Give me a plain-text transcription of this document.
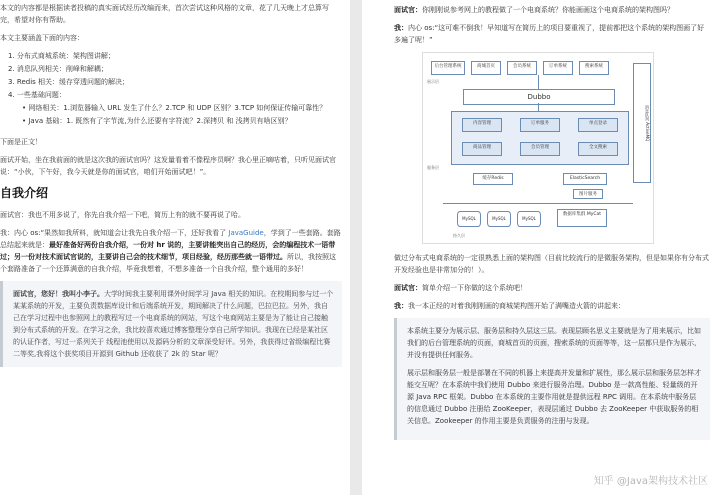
本文的内容都是根据读者投稿的真实面试经历改编而来，首次尝试这种风格的文章，花了几天晚上才总算写完，希望对你有帮助。

本文主要涵盖下面的内容：

1. 分布式商城系统：架构图讲解；
2. 消息队列相关：削峰和解耦；
3. Redis 相关：缓存穿透问题的解决；
4. 一些基础问题：
• 网络相关：1.浏览器输入 URL 发生了什么？2.TCP 和 UDP 区别？3.TCP 如何保证传输可靠性？
• Java 基础：1. 既然有了字节流,为什么还要有字符流？2.深拷贝 和 浅拷贝有啥区别？

下面是正文！

面试开始，坐在我前面的就是这次我的面试官吗？这发量看着不像程序员啊？我心里正嘀咕着，只听见面试官说：“小伙，下午好，我今天就是你的面试官，咱们开始面试吧！”。

自我介绍

面试官：我也不用多说了，你先自我介绍一下吧，简历上有的就不要再说了哈。

我：内心 os:“果然如我所料，就知道会让我先自我介绍一下，还好我看了 JavaGuide，学到了一些套路。套路总结起来就是：最好准备好两份自我介绍，一份对 hr 说的，主要讲能突出自己的经历，会的编程技术一语带过；另一份对技术面试官说的，主要讲自己会的技术细节，项目经验，经历那些就一语带过。所以，我按照这个套路准备了一个还算满意的自我介绍，毕竟我想着，不想多准备一个自我介绍，整个通用的多好！

面试官，您好！我叫小李子。大学时间我主要利用课外时间学习 Java 相关的知识。在校期间参与过一个某某系统的开发，主要负责数据库设计和后端系统开发，期间解决了什么问题，巴拉巴拉。另外，我自己在学习过程中也参照网上的教程写过一个电商系统的网站，写这个电商网站主要是为了能让自己接触到分布式系统的开发。在学习之余，我比较喜欢通过博客整理分享自己所学知识。我现在已经是某社区的认证作者，写过一系列关于 线程池使用以及源码分析的文章深受好评。另外，我获得过省级编程比赛二等奖,我将这个获奖项目开源到 Github 还收获了 2k 的 Star 呢？

面试官：你刚刚说参考网上的教程做了一个电商系统？你能画画这个电商系统的架构图吗？

我：内心 os:“这可难不倒我！早知道写在简历上的项目要重视了，提前都把这个系统的架构图画了好多遍了呢！”

后台管理系统	商城首页	会员系统	订单系统	搜索系统
展示层
Dubbo
内容管理	订单服务	单点登录
商品管理	会员管理	全文搜索
消息队列 ActiveMQ
服务层
缓存Redis	ElasticSearch
图片服务
MySQL	MySQL	MySQL
数据库集群 MyCat
持久层

做过分布式电商系统的一定很熟悉上面的架构图（目前比较流行的是微服务架构，但是如果你有分布式开发经验也是非常加分的！）。

面试官：简单介绍一下你做的这个系统吧！

我：我一本正经的对着我刚刚画的商城架构图开始了满嘴造火箭的讲起来：

本系统主要分为展示层、服务层和持久层这三层。表现层顾名思义主要就是为了用来展示，比如我们的后台管理系统的页面，商城首页的页面，搜索系统的页面等等，这一层都只是作为展示，并没有提供任何服务。

展示层和服务层一般是部署在不同的机器上来提高并发量和扩展性，那么展示层和服务层怎样才能交互呢？在本系统中我们使用 Dubbo 来进行服务治理。Dubbo 是一款高性能、轻量级的开源 Java RPC 框架。Dubbo 在本系统的主要作用就是提供远程 RPC 调用。在本系统中服务层的信息通过 Dubbo 注册给 ZooKeeper，表现层通过 Dubbo 去 ZooKeeper 中获取服务的相关信息。Zookeeper 的作用主要是负责服务的注册与发现。

知乎 @Java架构技术社区
